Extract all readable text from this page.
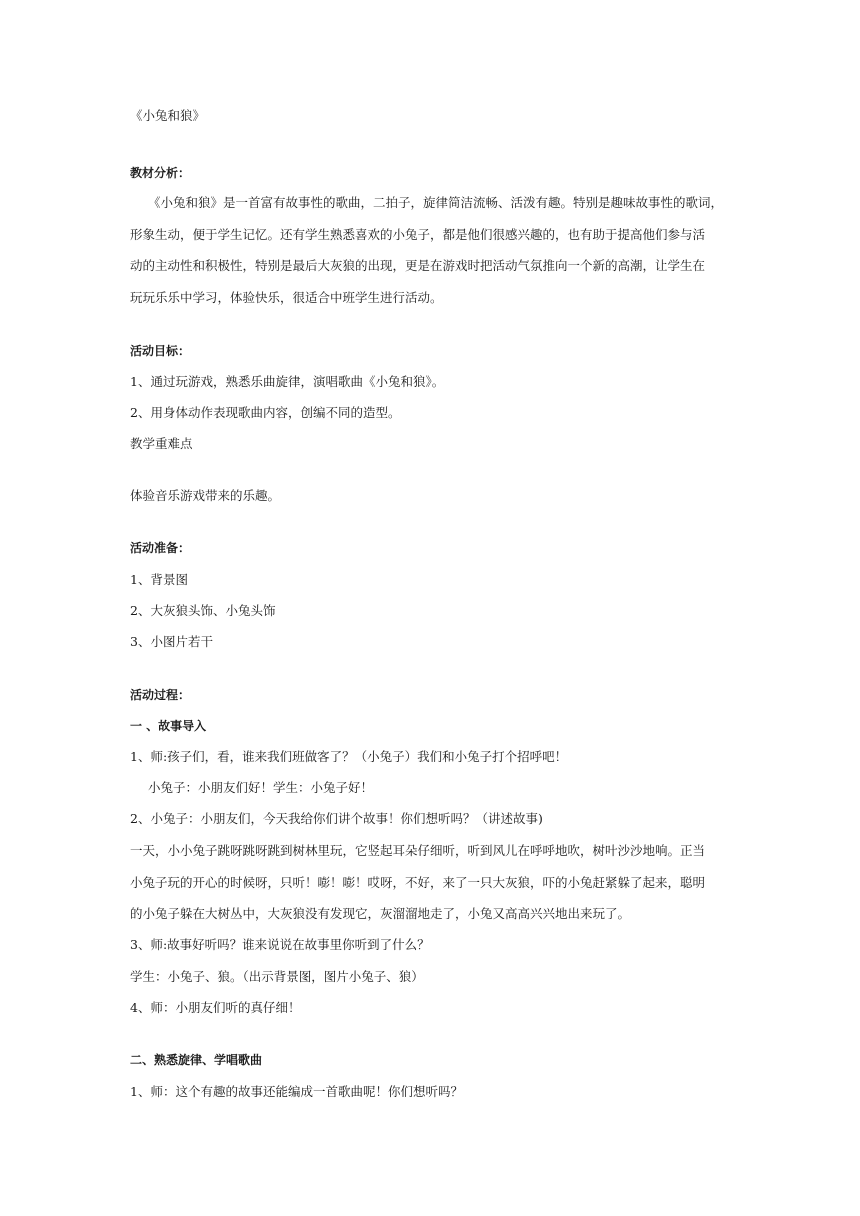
《小兔和狼》
教材分析：
《小兔和狼》是一首富有故事性的歌曲，二拍子，旋律简洁流畅、活泼有趣。特别是趣味故事性的歌词，
形象生动，便于学生记忆。还有学生熟悉喜欢的小兔子，都是他们很感兴趣的，也有助于提高他们参与活
动的主动性和积极性，特别是最后大灰狼的出现，更是在游戏时把活动气氛推向一个新的高潮，让学生在
玩玩乐乐中学习，体验快乐，很适合中班学生进行活动。
活动目标：
1、通过玩游戏，熟悉乐曲旋律，演唱歌曲《小兔和狼》。
2、用身体动作表现歌曲内容，创编不同的造型。
教学重难点
体验音乐游戏带来的乐趣。
活动准备：
1、背景图
2、大灰狼头饰、小兔头饰
3、小图片若干
活动过程：
一 、故事导入
1、师:孩子们，看，谁来我们班做客了？（小兔子）我们和小兔子打个招呼吧！
小兔子：小朋友们好！学生：小兔子好！
2、小兔子：小朋友们，今天我给你们讲个故事！你们想听吗？（讲述故事)
一天，小小兔子跳呀跳呀跳到树林里玩，它竖起耳朵仔细听，听到风儿在呼呼地吹，树叶沙沙地响。正当
小兔子玩的开心的时候呀，只听！嘭！嘭！哎呀，不好，来了一只大灰狼，吓的小兔赶紧躲了起来，聪明
的小兔子躲在大树丛中，大灰狼没有发现它，灰溜溜地走了，小兔又高高兴兴地出来玩了。
3、师:故事好听吗？谁来说说在故事里你听到了什么？
学生：小兔子、狼。（出示背景图，图片小兔子、狼）
4、师：小朋友们听的真仔细！
二、熟悉旋律、学唱歌曲
1、师：这个有趣的故事还能编成一首歌曲呢！你们想听吗？
